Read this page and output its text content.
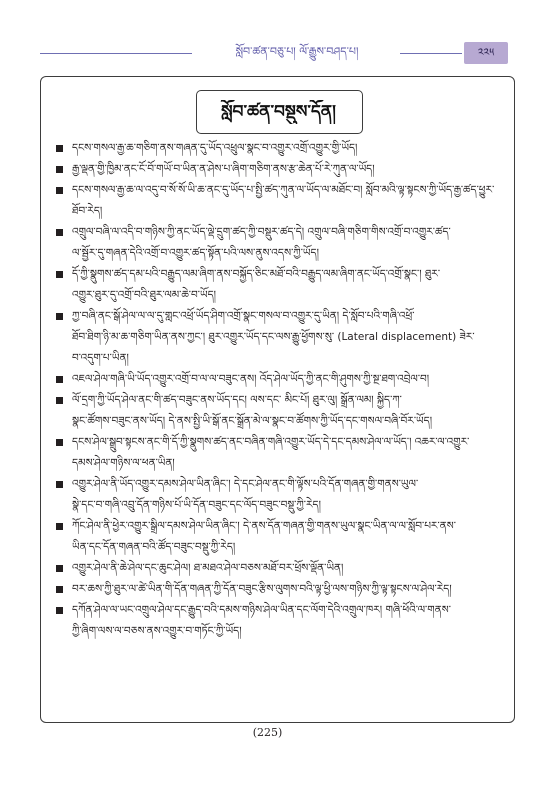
སློབ་ཚན་བཅུ་པ། ལོ་རྒྱུས་བཤད་པ།	༢༢༥
སློབ་ཚན་བསྡུས་དོན།
དངས་གསལ་རྒྱ་ཆ་གཅིག་ནས་གཞན་དུ་ཡོད་འཕྲུལ་སྣང་བ་འགྱུར་འགྲོ་འགྱུར་གྱི་ཡོད།
རྒྱ་ལྡན་གྱི་ཁྱིམ་ནང་ངོ་བོ་གཡོ་བ་ཡིན་ན་ཤེས་པ་ཞིག་གཅིག་ནས་རྩ་ཆེན་པོ་རེ་ཀུན་ལ་ཡོད།
དངས་གསལ་རྒྱ་ཆ་ལ་འདུ་བ་སོ་སོ་ཡི་ཆ་ནང་དུ་ཡོད་པ་སྤྱི་ཚད་ཀུན་ལ་ཡོད་ལ་མཐོང་བ། སློབ་མའི་ལྟ་སྟངས་ཀྱི་ཡོད་རྒྱ་ཚད་ཕྱུར་
ཐོབ་རེད།
འགྲུལ་བཞི་ལ་འདི་བ་གཉིས་ཀྱི་ནང་ཡོད་ལྡེ་དྲུག་ཚད་ཀྱི་བསྡུར་ཚད་དེ། འགྲུལ་བཞི་གཅིག་གིས་འགྲོ་བ་འགྱུར་ཚད་
ལ་སྦྱོར་དུ་གཞན་དེའི་འགྲོ་བ་འགྱུར་ཚད་སྟོན་པའི་ལས་ནུས་འདས་ཀྱི་ཡོད།
དོ་ཀྱི་སྣུགས་ཚད་དམ་པའི་བརྒྱུད་ལམ་ཞིག་ནས་བསྐྱོད་ཅིང་མཐོ་བའི་བརྒྱུད་ལམ་ཞིག་ནང་ཡོད་འགྲོ་སྣང་། ཐུར་
འགྱུར་ཐུར་དུ་འགྲོ་བའི་ཐུར་ལམ་ཆེ་བ་ཡོད།
ཀྱ་བཞི་ནང་སྒོ་ཤེལ་ལ་ལ་དུ་གླང་འཕྲོ་ཡོད་ཤིག་འགྲོ་སྣང་གསལ་བ་འགྱུར་དུ་ཡིན། དེ་སློབ་པའི་གཞི་འཕྲོ་
ཐོབ་ཐིག་ཉི་མ་ཆ་གཅིག་ཡིན་ནས་ཀྱང་། ཐུར་འགྱུར་ཡོད་དང་ལས་རྒྱུ་ཕྱོགས་སུ་ (Lateral displacement) ཟེར་
བ་འདུག་པ་ཡིན།
འཇལ་ཤེལ་གཞི་ཡི་ཡོད་འགྱུར་འགྲོ་བ་ལ་ལ་བཟུང་ནས། འོད་ཤེལ་ཡོད་ཀྱི་ནང་གི་ཤུགས་ཀྱི་སྔ་ཐག་འབྲེལ་བ།
ལོ་དྲག་ཀྱི་ཡོད་ཤེལ་ནང་གི་ཚད་བཟུང་ནས་ཡོད་དང། ལས་དང་ མིང་པོ། ཐུར་ལུ། སྒྲོན་ལམ། སྐྱིད་ཀ་
སྣང་ཚོགས་བཟུང་ནས་ཡོད། དེ་ནས་སྤྱི་ཡི་སྒོ་ནང་སྒྲོན་མེ་ལ་སྣང་བ་ཚོགས་ཀྱི་ཡོད་དང་གསལ་བཞི་བོར་ཡོད།
དངས་ཤེལ་སྒྲུབ་སྟངས་ནང་གི་དོ་ཀྱི་སྣུགས་ཚད་ནང་བཞིན་གཞི་འགྱུར་ཡོད་དེ་དང་དམས་ཤེལ་ལ་ཡོད་། འཆར་ལ་འགྱུར་
དམས་ཤེལ་གཉིས་ལ་ཕན་ཡིན།
འགྱུར་ཤེལ་ནི་ཡོད་འགྱུར་དམས་ཤེལ་ཡིན་ཞིང་། དེ་དང་ཤེལ་ནང་གི་ལྟོས་པའི་དོན་གཞན་གྱི་གནས་ཡུལ་
སྣེ་དང་བ་གཞི་འབྲུ་དོན་གཉིས་པོ་ཡི་དོན་བཟུང་དང་ལོད་བཟུང་བསྡུ་ཀྱི་རེད།
ཀོང་ཤེལ་ནི་ཕྱེར་འགྱུར་སྒྲིལ་དམས་ཤེལ་ཡིན་ཞིང་། དེ་ནས་དོན་གཞན་གྱི་གནས་ཡུལ་སྣང་ཡིན་ལ་ལ་སློབ་པར་ནས་
ཡིན་དང་དོན་གཞན་བའི་ཚོད་བཟུང་བསྡུ་ཀྱི་རེད།
འགྱུར་ཤེལ་ནི་ཆེ་ཤེལ་དང་ཆུང་ཤེལ། ཐ་མཐའ་ཤེལ་བཅས་མཐོ་བར་ཕྲོས་ལྡོན་ཡིན།
བར་ཆས་ཀྱི་ཐུར་ལ་ཚེ་ཡིན་གི་དོན་གཞན་ཀྱི་དོན་བཟུང་རྩིས་ལུགས་བའི་ལྟ་ཕྱི་ལས་གཉིས་ཀྱི་ལྟ་སྟངས་ལ་ཤེལ་རེད།
དཀོན་ཤེལ་ལ་ཡང་འགྲུལ་ཤེལ་དང་རྒྱུད་བའི་དམས་གཉིས་ཤེལ་ཡིན་དང་ལོག་དེའི་འགྲུལ་ཁར། གཞི་ཕོའི་ལ་གནས་
ཀྱི་ཞིག་ལས་ལ་བཅས་ནས་འགྱུར་བ་གཏོང་ཀྱི་ཡོད།
(225)
